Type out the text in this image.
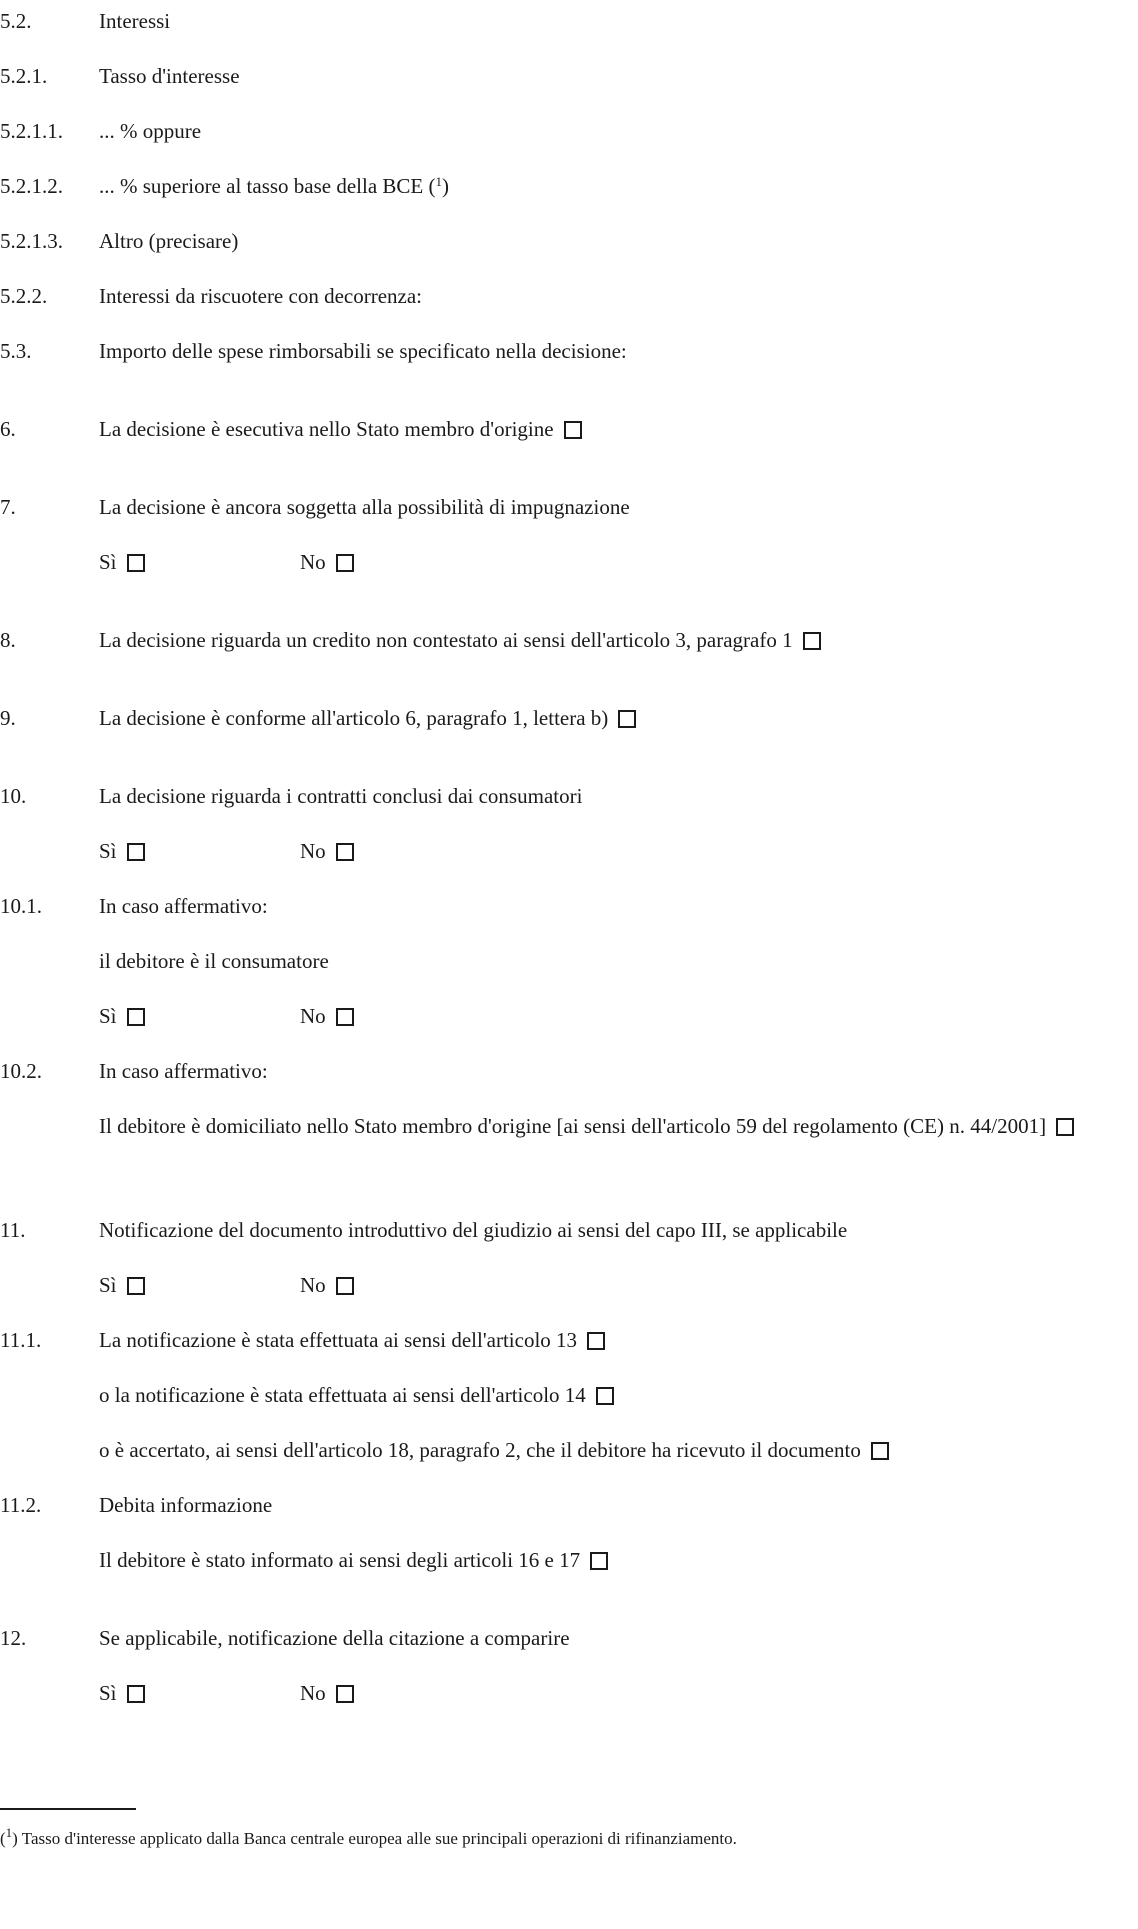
5.2.	Interessi
5.2.1. Tasso d'interesse
5.2.1.1. ... % oppure
5.2.1.2. ... % superiore al tasso base della BCE ($^1$)
5.2.1.3. Altro (precisare)
5.2.2. Interessi da riscuotere con decorrenza:
5.3.	Importo delle spese rimborsabili se specificato nella decisione:
6.	La decisione è esecutiva nello Stato membro d'origine
7.	La decisione è ancora soggetta alla possibilità di impugnazione
Sì	No
8.	La decisione riguarda un credito non contestato ai sensi dell'articolo 3, paragrafo 1
9.	La decisione è conforme all'articolo 6, paragrafo 1, lettera b)
10.	La decisione riguarda i contratti conclusi dai consumatori
Sì	No
10.1.	In caso affermativo:
il debitore è il consumatore
Sì	No
10.2.	In caso affermativo:
Il debitore è domiciliato nello Stato membro d'origine [ai sensi dell'articolo 59 del regolamento (CE) n. 44/2001]
11.	Notificazione del documento introduttivo del giudizio ai sensi del capo III, se applicabile
Sì	No
11.1.	La notificazione è stata effettuata ai sensi dell'articolo 13
o la notificazione è stata effettuata ai sensi dell'articolo 14
o è accertato, ai sensi dell'articolo 18, paragrafo 2, che il debitore ha ricevuto il documento
11.2.	Debita informazione
Il debitore è stato informato ai sensi degli articoli 16 e 17
12.	Se applicabile, notificazione della citazione a comparire
Sì	No
($^1$) Tasso d'interesse applicato dalla Banca centrale europea alle sue principali operazioni di rifinanziamento.
